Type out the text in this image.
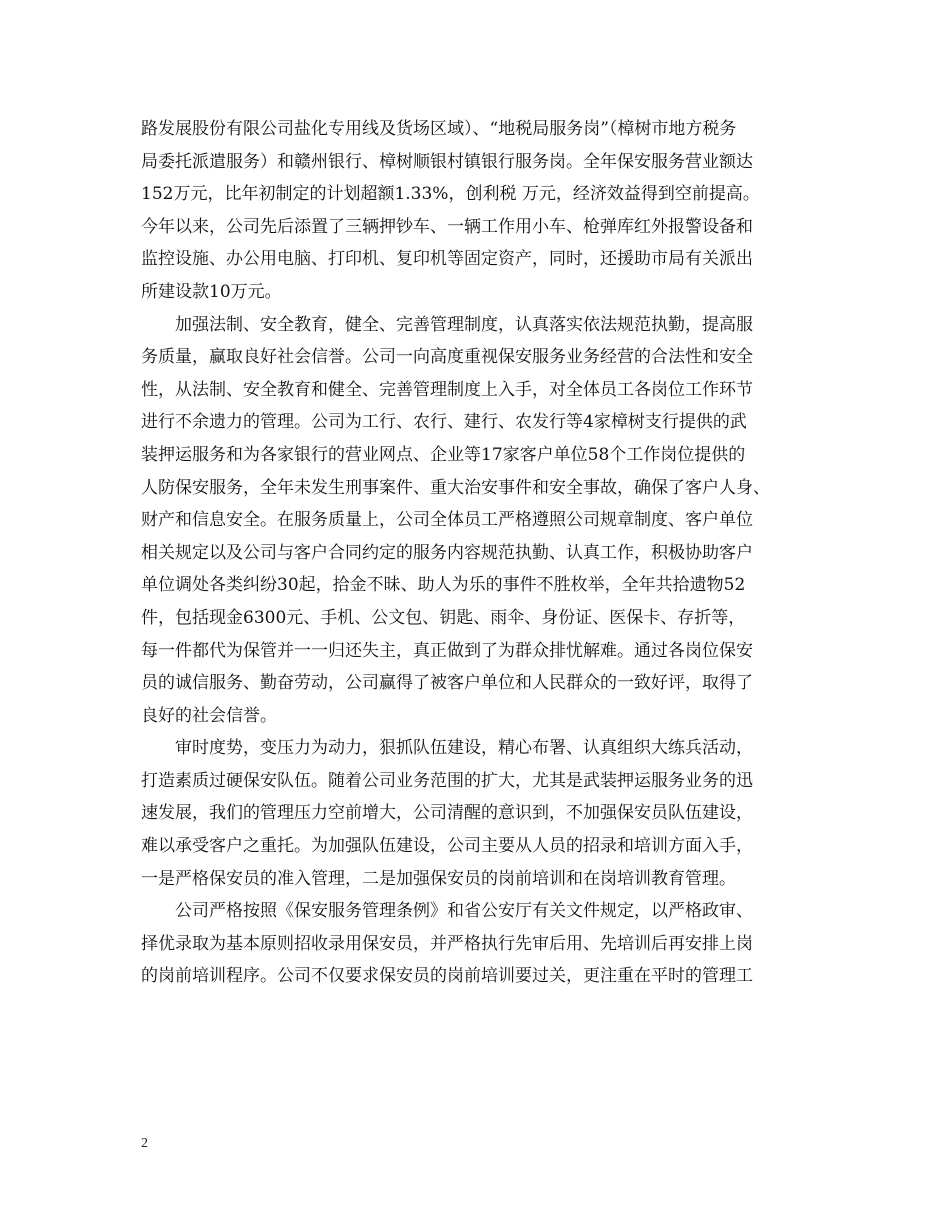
路发展股份有限公司盐化专用线及货场区域）、“地税局服务岗”（樟树市地方税务
局委托派遣服务）和赣州银行、樟树顺银村镇银行服务岗。全年保安服务营业额达
152万元，比年初制定的计划超额1.33%，创利税 万元，经济效益得到空前提高。
今年以来，公司先后添置了三辆押钞车、一辆工作用小车、枪弹库红外报警设备和
监控设施、办公用电脑、打印机、复印机等固定资产，同时，还援助市局有关派出
所建设款10万元。
加强法制、安全教育，健全、完善管理制度，认真落实依法规范执勤，提高服
务质量，赢取良好社会信誉。公司一向高度重视保安服务业务经营的合法性和安全
性，从法制、安全教育和健全、完善管理制度上入手，对全体员工各岗位工作环节
进行不余遗力的管理。公司为工行、农行、建行、农发行等4家樟树支行提供的武
装押运服务和为各家银行的营业网点、企业等17家客户单位58个工作岗位提供的
人防保安服务，全年未发生刑事案件、重大治安事件和安全事故，确保了客户人身、
财产和信息安全。在服务质量上，公司全体员工严格遵照公司规章制度、客户单位
相关规定以及公司与客户合同约定的服务内容规范执勤、认真工作，积极协助客户
单位调处各类纠纷30起，拾金不昧、助人为乐的事件不胜枚举，全年共拾遗物52
件，包括现金6300元、手机、公文包、钥匙、雨伞、身份证、医保卡、存折等，
每一件都代为保管并一一归还失主，真正做到了为群众排忧解难。通过各岗位保安
员的诚信服务、勤奋劳动，公司赢得了被客户单位和人民群众的一致好评，取得了
良好的社会信誉。
审时度势，变压力为动力，狠抓队伍建设，精心布署、认真组织大练兵活动，
打造素质过硬保安队伍。随着公司业务范围的扩大，尤其是武装押运服务业务的迅
速发展，我们的管理压力空前增大，公司清醒的意识到，不加强保安员队伍建设，
难以承受客户之重托。为加强队伍建设，公司主要从人员的招录和培训方面入手，
一是严格保安员的准入管理，二是加强保安员的岗前培训和在岗培训教育管理。
公司严格按照《保安服务管理条例》和省公安厅有关文件规定，以严格政审、
择优录取为基本原则招收录用保安员，并严格执行先审后用、先培训后再安排上岗
的岗前培训程序。公司不仅要求保安员的岗前培训要过关，更注重在平时的管理工
2
